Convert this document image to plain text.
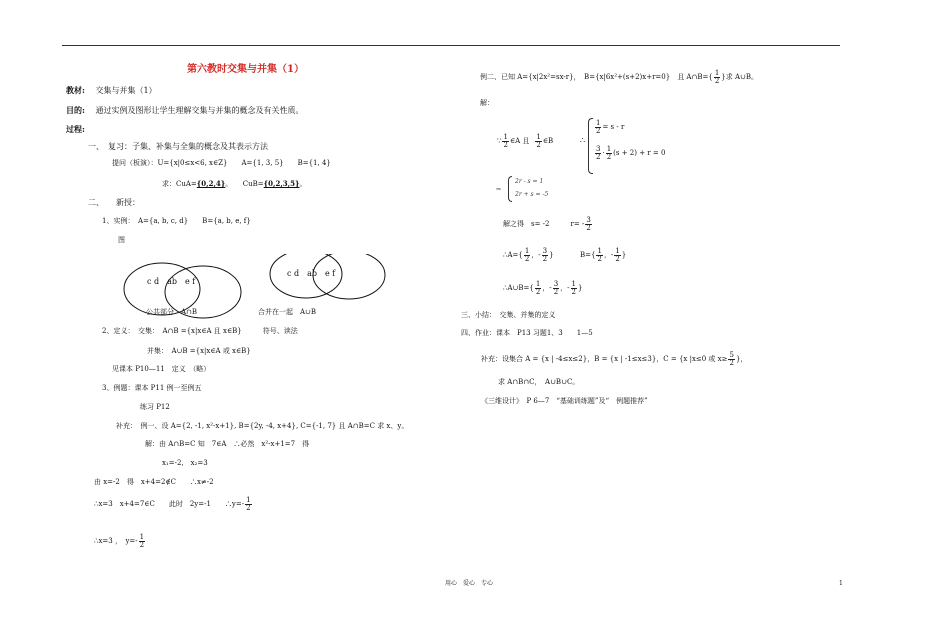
第六教时交集与并集（1）
教材: 交集与并集（1）
目的: 通过实例及图形让学生理解交集与并集的概念及有关性质。
过程:
一、　复习：子集、补集与全集的概念及其表示方法
提问（板演）：U={x|0≤x<6, x∈Z}　　A={1, 3, 5}　　B={1, 4}
求：CuA={0,2,4}。　　CuB={0,2,3,5}。
二、　　新授：
1、实例：　A={a, b, c, d}　　B={a, b, e, f}
图
c d　ab　e f
c d　ab　e f
公共部分　A∩B	合并在一起　A∪B
2、定义：　交集：　A∩B ={x|x∈A 且 x∈B}　　　符号、读法
并集：　A∪B ={x|x∈A 或 x∈B}
见课本 P10—11　定义　（略）
3、例题：课本 P11 例一至例五
练习 P12
补充：　例一、设 A={2, -1, x²-x+1}, B={2y, -4, x+4}, C={-1, 7} 且 A∩B=C 求 x、y。
解：由 A∩B=C 知　7∈A　∴必然　x²-x+1=7　得
x₁=-2,　x₂=3
由 x=-2　得　x+4=2∉C　　∴x≠-2
∴x=3　x+4=7∈C　　此时　2y=-1　　∴y=- $\frac{1}{2}$
∴x=3 ，　$y=- \frac{1}{2}$
例二、已知 A={x|2x²=sx-r}，　B={x|6x²+(s+2)x+r=0}　且 A∩B={ $\frac{1}{2}$ }求 A∪B。
解：
∵ $\frac{1}{2}$ ∈A 且 $\frac{1}{2}$ ∈B	∴
$\frac{1}{2} = s - r$
$\frac{3}{2} \cdot \frac{1}{2} (s + 2) + r = 0$
⇒
2r - s = 1
2r + s = -5
解之得　s= -2　　　$r= - \frac{3}{2}$
∴A={ $\frac{1}{2}$ ，- $\frac{3}{2}$ }	$B=\{ \frac{1}{2}$ ，- $\frac{1}{2}$ }
∴A∪B={ $\frac{1}{2}$ ，- $\frac{3}{2}$ ，- $\frac{1}{2}$ }
三、小结：　交集、并集的定义
四、作业：课本　P13 习题1、3　　1—5
补充：设集合 A = {x | -4≤x≤2}，B = {x | -1≤x≤3}，C = {x |x≤0 或 $x\ge \frac{5}{2}$ }，
求 A∩B∩C，　A∪B∪C。
《三维设计》　P 6—7　“基础训练题”及“　例题推荐”
用心　爱心　专心	1
